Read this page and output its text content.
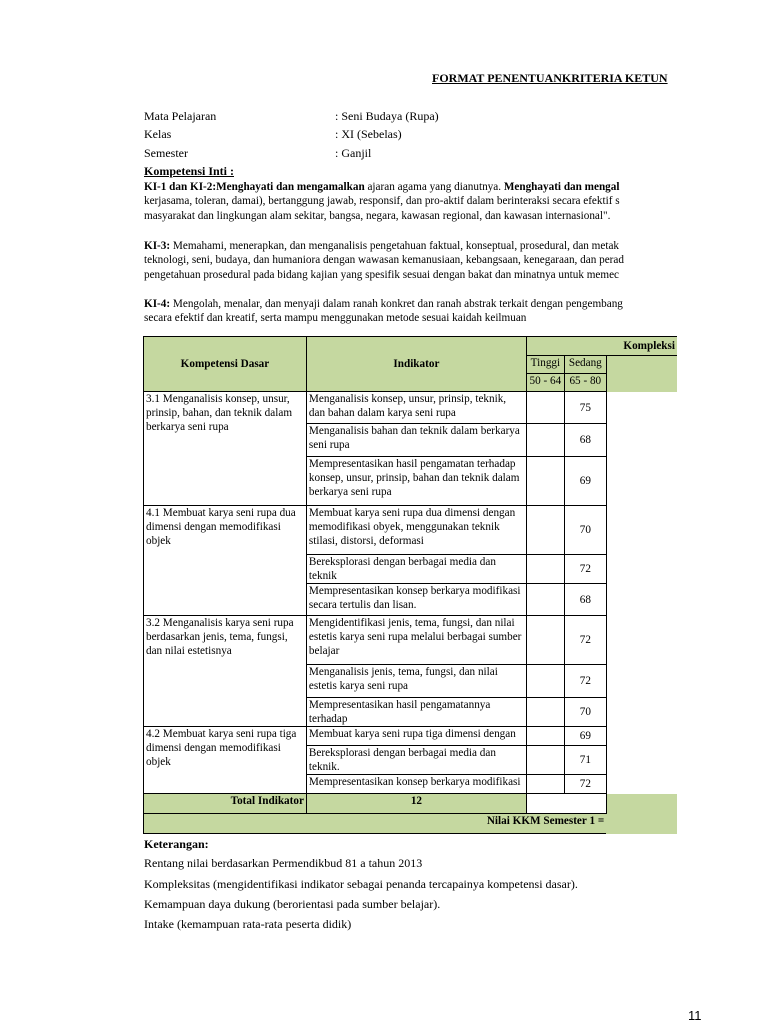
FORMAT PENENTUANKRITERIA KETUN
Mata Pelajaran	: Seni Budaya (Rupa)
Kelas	: XI (Sebelas)
Semester	: Ganjil
Kompetensi Inti :
KI-1 dan KI-2:Menghayati dan mengamalkan ajaran agama yang dianutnya. Menghayati dan mengal
kerjasama, toleran, damai), bertanggung jawab, responsif, dan pro-aktif dalam berinteraksi secara efektif s
masyarakat dan lingkungan alam sekitar, bangsa, negara, kawasan regional, dan kawasan internasional".
KI-3: Memahami, menerapkan, dan menganalisis pengetahuan faktual, konseptual, prosedural, dan metak
teknologi, seni, budaya, dan humaniora dengan wawasan kemanusiaan, kebangsaan, kenegaraan, dan perad
pengetahuan prosedural pada bidang kajian yang spesifik sesuai dengan bakat dan minatnya untuk memec
KI-4: Mengolah, menalar, dan menyaji dalam ranah konkret dan ranah abstrak terkait dengan pengembang
secara efektif dan kreatif, serta mampu menggunakan metode sesuai kaidah keilmuan
Kompetensi Dasar	Indikator	Kompleksi		
		Tinggi	Sedang	
		50 - 64	65 - 80	
3.1 Menganalisis konsep, unsur, prinsip, bahan, dan teknik dalam berkarya seni rupa	Menganalisis konsep, unsur, prinsip, teknik, dan bahan dalam karya seni rupa		75	
	Menganalisis bahan dan teknik dalam berkarya seni rupa		68	
	Mempresentasikan hasil pengamatan terhadap konsep, unsur, prinsip, bahan dan teknik dalam berkarya seni rupa		69	
4.1 Membuat karya seni rupa dua dimensi dengan memodifikasi objek	Membuat karya seni rupa dua dimensi dengan memodifikasi obyek, menggunakan teknik stilasi, distorsi, deformasi		70	
	Bereksplorasi dengan berbagai media dan teknik		72	
	Mempresentasikan konsep berkarya modifikasi secara tertulis dan lisan.		68	
3.2 Menganalisis karya seni rupa berdasarkan jenis, tema, fungsi, dan nilai estetisnya	Mengidentifikasi jenis, tema, fungsi, dan nilai estetis karya seni rupa melalui berbagai sumber belajar		72	
	Menganalisis jenis, tema, fungsi, dan nilai estetis karya seni rupa		72	
	Mempresentasikan hasil pengamatannya terhadap		70	
4.2 Membuat karya seni rupa tiga dimensi dengan memodifikasi objek	Membuat karya seni rupa tiga dimensi dengan		69	
	Bereksplorasi dengan berbagai media dan teknik.		71	
	Mempresentasikan konsep berkarya modifikasi		72	
Total Indikator	12			
Nilai KKM Semester 1 =				
Keterangan:
Rentang nilai berdasarkan Permendikbud 81 a tahun 2013
Kompleksitas (mengidentifikasi indikator sebagai penanda tercapainya kompetensi dasar).
Kemampuan daya dukung (berorientasi pada sumber belajar).
Intake (kemampuan rata-rata peserta didik)
11
